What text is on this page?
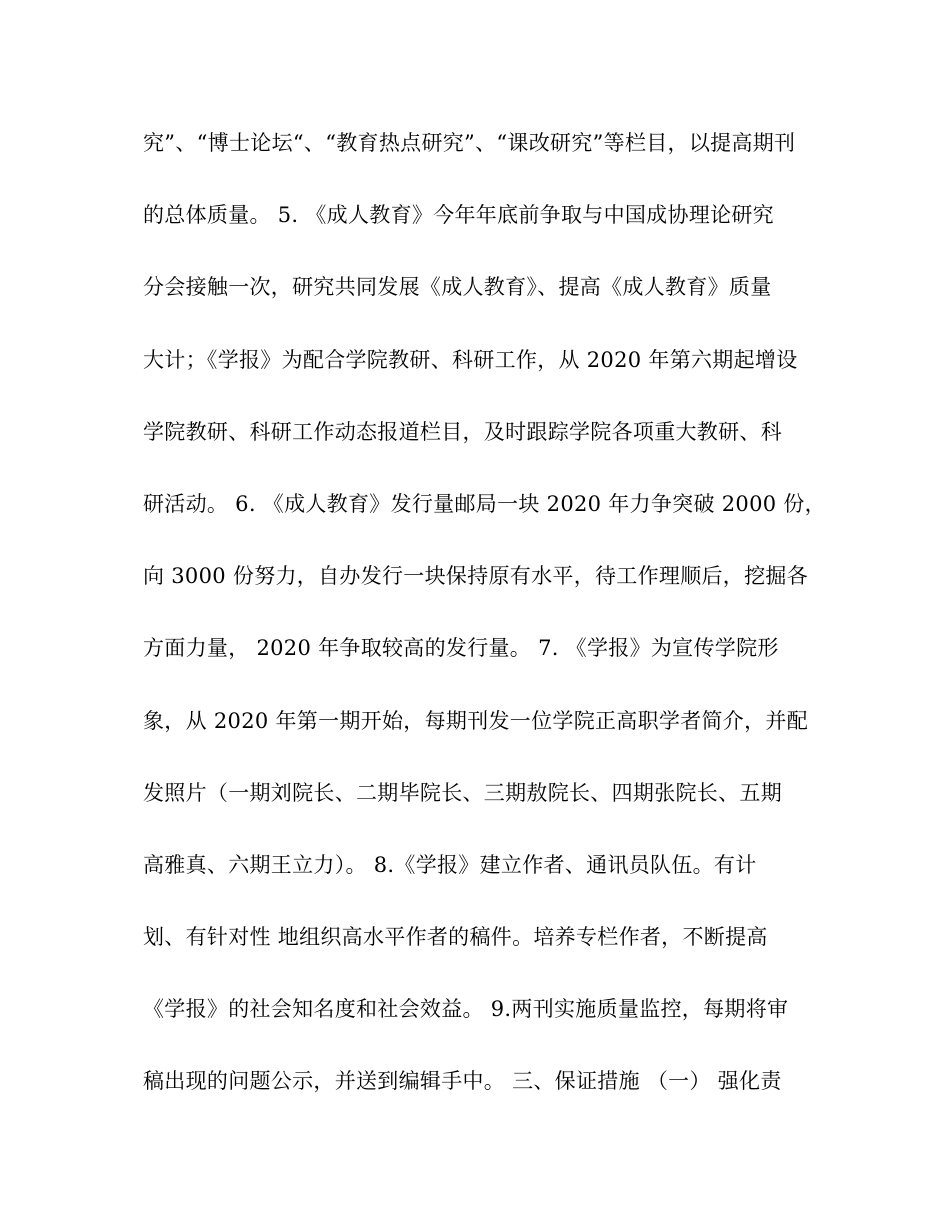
究”、“博士论坛“、“教育热点研究”、“课改研究”等栏目，以提高期刊
的总体质量。 5. 《成人教育》今年年底前争取与中国成协理论研究
分会接触一次，研究共同发展《成人教育》、提高《成人教育》质量
大计；《学报》为配合学院教研、科研工作，从 2020 年第六期起增设
学院教研、科研工作动态报道栏目，及时跟踪学院各项重大教研、科
研活动。 6. 《成人教育》发行量邮局一块 2020 年力争突破 2000 份，
向 3000 份努力，自办发行一块保持原有水平，待工作理顺后，挖掘各
方面力量， 2020 年争取较高的发行量。 7. 《学报》为宣传学院形
象，从 2020 年第一期开始，每期刊发一位学院正高职学者简介，并配
发照片（一期刘院长、二期毕院长、三期敖院长、四期张院长、五期
高雅真、六期王立力）。 8.《学报》建立作者、通讯员队伍。有计
划、有针对性 地组织高水平作者的稿件。培养专栏作者，不断提高
《学报》的社会知名度和社会效益。 9.两刊实施质量监控，每期将审
稿出现的问题公示，并送到编辑手中。 三、保证措施 （一） 强化责
